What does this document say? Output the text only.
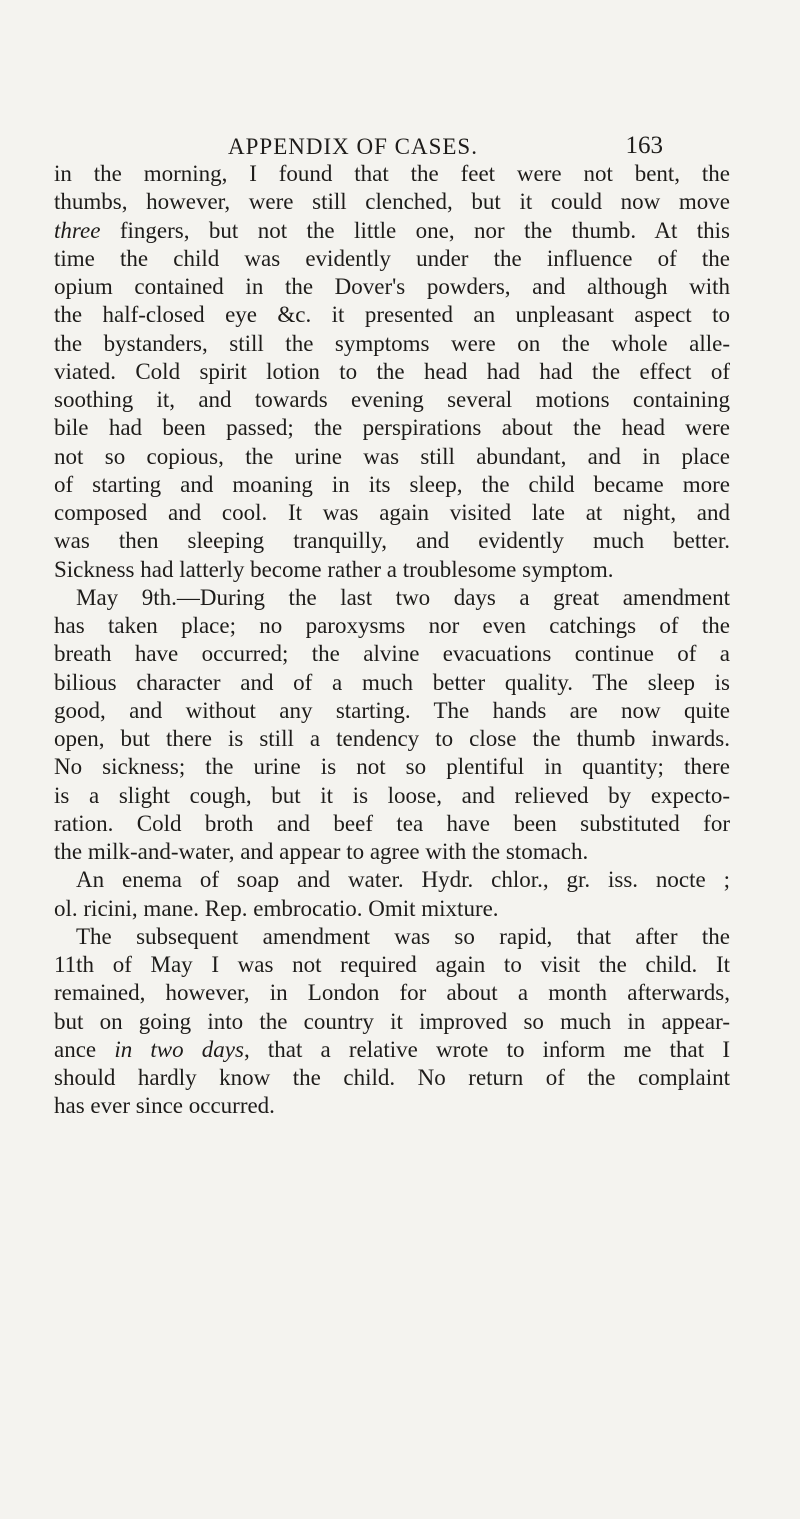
APPENDIX OF CASES.	163
in the morning, I found that the feet were not bent, the
thumbs, however, were still clenched, but it could now move
three fingers, but not the little one, nor the thumb. At this
time the child was evidently under the influence of the
opium contained in the Dover's powders, and although with
the half-closed eye &c. it presented an unpleasant aspect to
the bystanders, still the symptoms were on the whole alle-
viated. Cold spirit lotion to the head had had the effect of
soothing it, and towards evening several motions containing
bile had been passed; the perspirations about the head were
not so copious, the urine was still abundant, and in place
of starting and moaning in its sleep, the child became more
composed and cool. It was again visited late at night, and
was then sleeping tranquilly, and evidently much better.
Sickness had latterly become rather a troublesome symptom.
May 9th.—During the last two days a great amendment
has taken place; no paroxysms nor even catchings of the
breath have occurred; the alvine evacuations continue of a
bilious character and of a much better quality. The sleep is
good, and without any starting. The hands are now quite
open, but there is still a tendency to close the thumb inwards.
No sickness; the urine is not so plentiful in quantity; there
is a slight cough, but it is loose, and relieved by expecto-
ration. Cold broth and beef tea have been substituted for
the milk-and-water, and appear to agree with the stomach.
An enema of soap and water. Hydr. chlor., gr. iss. nocte ;
ol. ricini, mane. Rep. embrocatio. Omit mixture.
The subsequent amendment was so rapid, that after the
11th of May I was not required again to visit the child. It
remained, however, in London for about a month afterwards,
but on going into the country it improved so much in appear-
ance in two days, that a relative wrote to inform me that I
should hardly know the child. No return of the complaint
has ever since occurred.
